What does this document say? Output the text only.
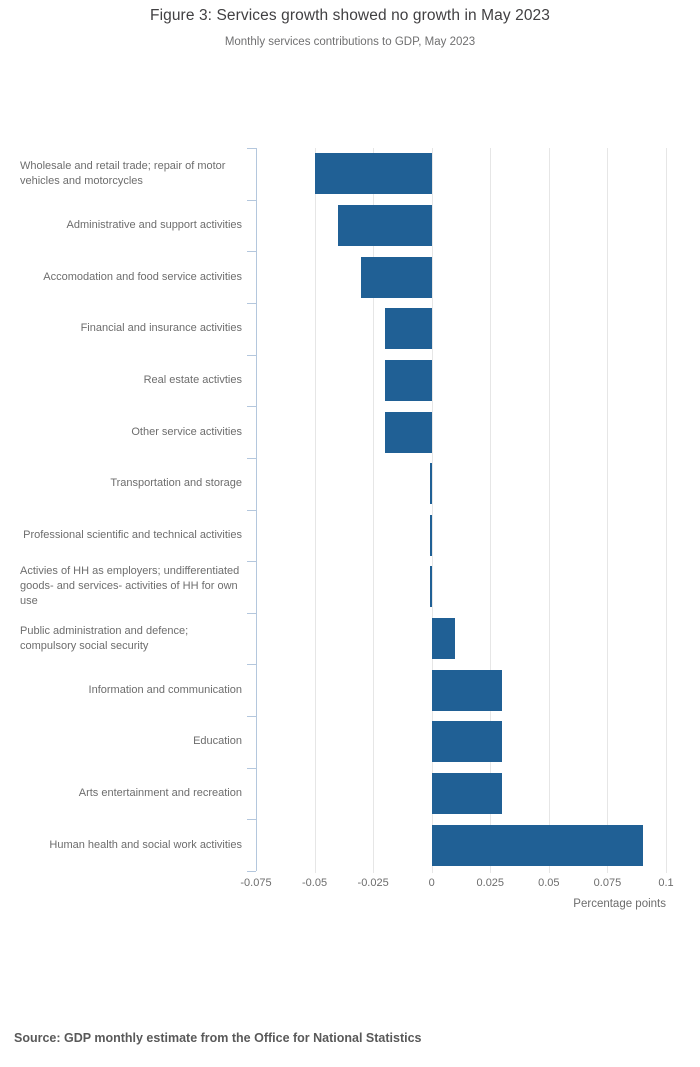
Figure 3: Services growth showed no growth in May 2023
Monthly services contributions to GDP, May 2023
-0.075	-0.05	-0.025	0	0.025	0.05	0.075	0.1
Wholesale and retail trade; repair of motor vehicles and motorcycles
Administrative and support activities
Accomodation and food service activities
Financial and insurance activities
Real estate activties
Other service activities
Transportation and storage
Professional scientific and technical activities
Activies of HH as employers; undifferentiated goods- and services- activities of HH for own use
Public administration and defence; compulsory social security
Information and communication
Education
Arts entertainment and recreation
Human health and social work activities
Percentage points
Source: GDP monthly estimate from the Office for National Statistics
